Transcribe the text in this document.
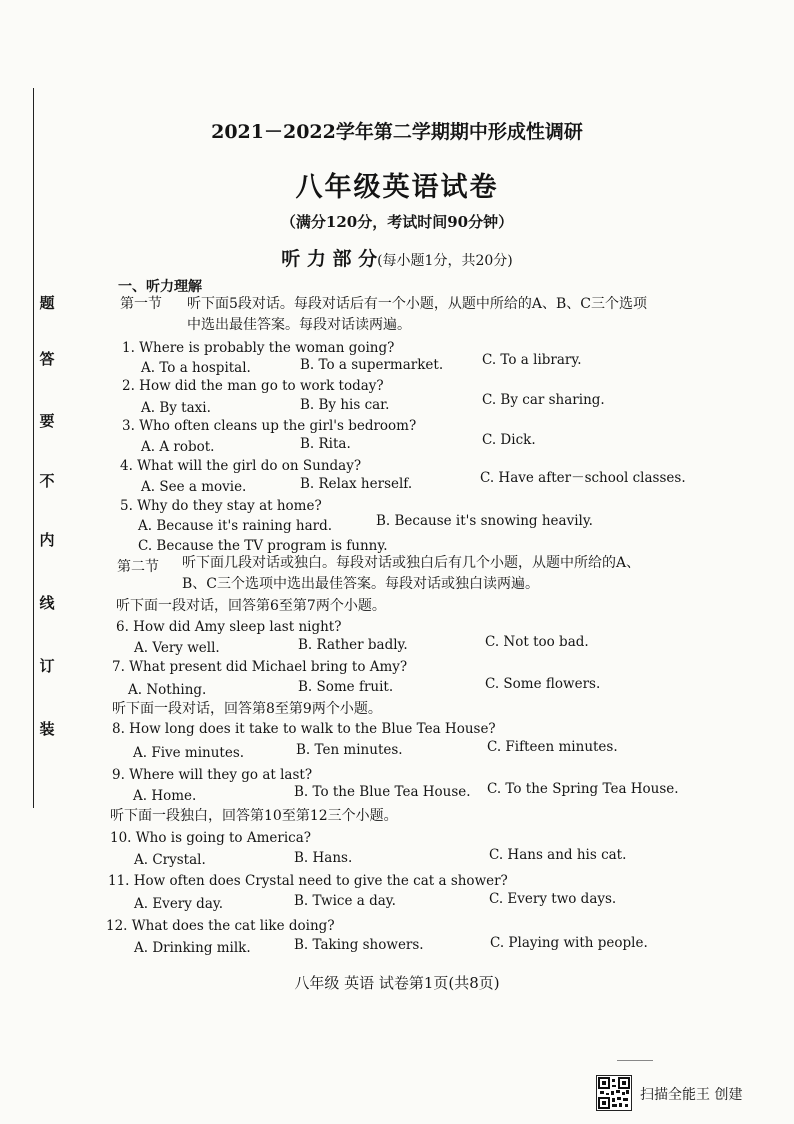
题
答
要
不
内
线
订
装
2021－2022学年第二学期期中形成性调研
八年级英语试卷
（满分120分，考试时间90分钟）
听 力 部 分(每小题1分，共20分)
一、听力理解
第一节 听下面5段对话。每段对话后有一个小题，从题中所给的A、B、C三个选项
中选出最佳答案。每段对话读两遍。
1. Where is probably the woman going?
A. To a hospital.	B. To a supermarket.	C. To a library.
2. How did the man go to work today?
A. By taxi.	B. By his car.	C. By car sharing.
3. Who often cleans up the girl's bedroom?
A. A robot.	B. Rita.	C. Dick.
4. What will the girl do on Sunday?
A. See a movie.	B. Relax herself.	C. Have after－school classes.
5. Why do they stay at home?
A. Because it's raining hard.	B. Because it's snowing heavily.
C. Because the TV program is funny.
第二节 听下面几段对话或独白。每段对话或独白后有几个小题，从题中所给的A、
B、C三个选项中选出最佳答案。每段对话或独白读两遍。
听下面一段对话，回答第6至第7两个小题。
6. How did Amy sleep last night?
A. Very well.	B. Rather badly.	C. Not too bad.
7. What present did Michael bring to Amy?
A. Nothing.	B. Some fruit.	C. Some flowers.
听下面一段对话，回答第8至第9两个小题。
8. How long does it take to walk to the Blue Tea House?
A. Five minutes.	B. Ten minutes.	C. Fifteen minutes.
9. Where will they go at last?
A. Home.	B. To the Blue Tea House. C. To the Spring Tea House.
听下面一段独白，回答第10至第12三个小题。
10. Who is going to America?
A. Crystal.	B. Hans.	C. Hans and his cat.
11. How often does Crystal need to give the cat a shower?
A. Every day.	B. Twice a day.	C. Every two days.
12. What does the cat like doing?
A. Drinking milk.	B. Taking showers.	C. Playing with people.
八年级 英语 试卷第1页(共8页)
扫描全能王 创建
